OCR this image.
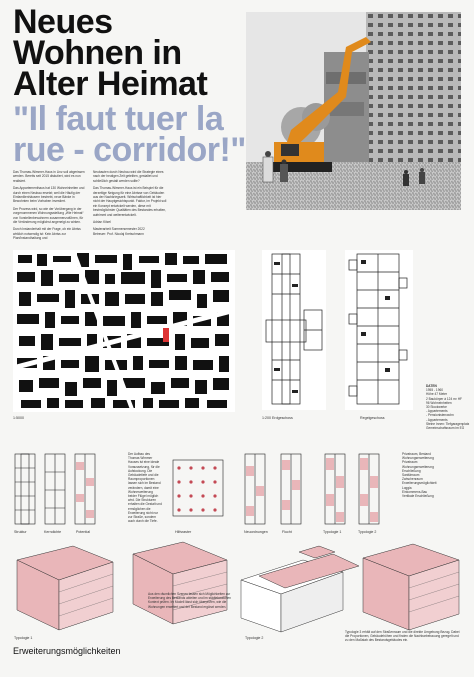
Neues
Wohnen in
Alter Heimat
"Il faut tuer la
rue - corridor!"

Das Thomas-Wimmer-Haus in Linz soll abgerissen werden. Bereits seit 2015 diskutiert, wird es nun realisiert.

Das Appartementhaus hat 130 Wohneinheiten und durch einen Neubau ersetzt; weil die Häufig der Einfamilienhäusern bestrebt, neue Bänke in Bewohnten beim Vorhaben investiert.

Der Prozess wird, so wie der Vorübergang in der vorgenommenen Wohnungsstellung „Wie Heimat“ von Vorstellenbewohnern zusammenzuführen, für die Veränderung möglichst angeneigt zu wirken.

Durch Instanderhalt mit der Frage, ob ein Abriss wirklich notwendig ist: Kein Abriss zur Plan/Instandhaltung und

Neubauten durch Neubau wird die Strategie eines nach der heutigen Zeit geteilten, gestaltet und schließlich gestalt werden sollte?

Das Thomas-Wimmer-Haus ist ein Beispiel für die derzeitige Neigung für eine Abrisse von Gebäuden aus der Nachkriegszeit. Wirtschaftlichkeit ist hier nicht der Hauptgesichtspunkt. Faktor, im Projekt soll ein Konzept entwickelt werden, diese mit bestmöglichster Qualitäten des Bestandes erhalten, aufnimmt und weiterentwickelt.

Adrian Kitzel

Masterarbeit Sommersemester 2022

Betreuer: Prof. Nicolaj Kretschmann

1:5000	1:200 Erdgeschoss	Regelgeschoss
DATEN
1955 - 1960
Höhe 47 Meter
2 Baukörper à 124 m² HF
96 Wohneinheiten
30 Stockwerke
- Appartements
- Pensionistenwohn
- Appartements
Steine Innen: Tiefgaragenplatz
Gemeinschaftsraum im EG
Der Aufbau des Thomas Wimmer Hauses ist eine ideale Voraussetzung, für die Aufstockung. Die Gebäudetiefe und die Raumproportionen lassen sich im Bestand verändern, damit eine Wohnerweiterung beider Flügel möglich wird. Die Strukturen erhalten die Gestalt und ermöglichen die Erweiterung nicht nur zur Straße, sondern auch durch die Tiefe.
Struktur	Kerndichte	Potential	Hilfsraster	Neuordnungen	Flucht	Typologie 1	Typologie 2
Privatraum, Bestand
Wohnungserweiterung
Privatraum
Wohnungserweiterung
Erschließung
Sanitärraum
Zwischenraum
Erweiterungsmöglichkeit
Loggia
Einkommens-Bau
Vertikale Erschließung
Aus den räumlichen Szenen lassen sich Möglichkeiten zur Erweiterung des Bestands ableiten und im städtebaulichen Kontext prüfen. Im Modell lässt sich überprüfen, wie die Wohnungen erweitert und der Bestand ergänzt werden.
Typologie 3 erhält auf den Straßenraum und die direkte Umgebung Bezug. Dabei die Proportionen, Gebäudehöhen und finden die Nachbarbebauung geregelt und zu den Maßstab des Bestandsgebäudes ein.
Typologie 1	Typologie 2
Erweiterungsmöglichkeiten
